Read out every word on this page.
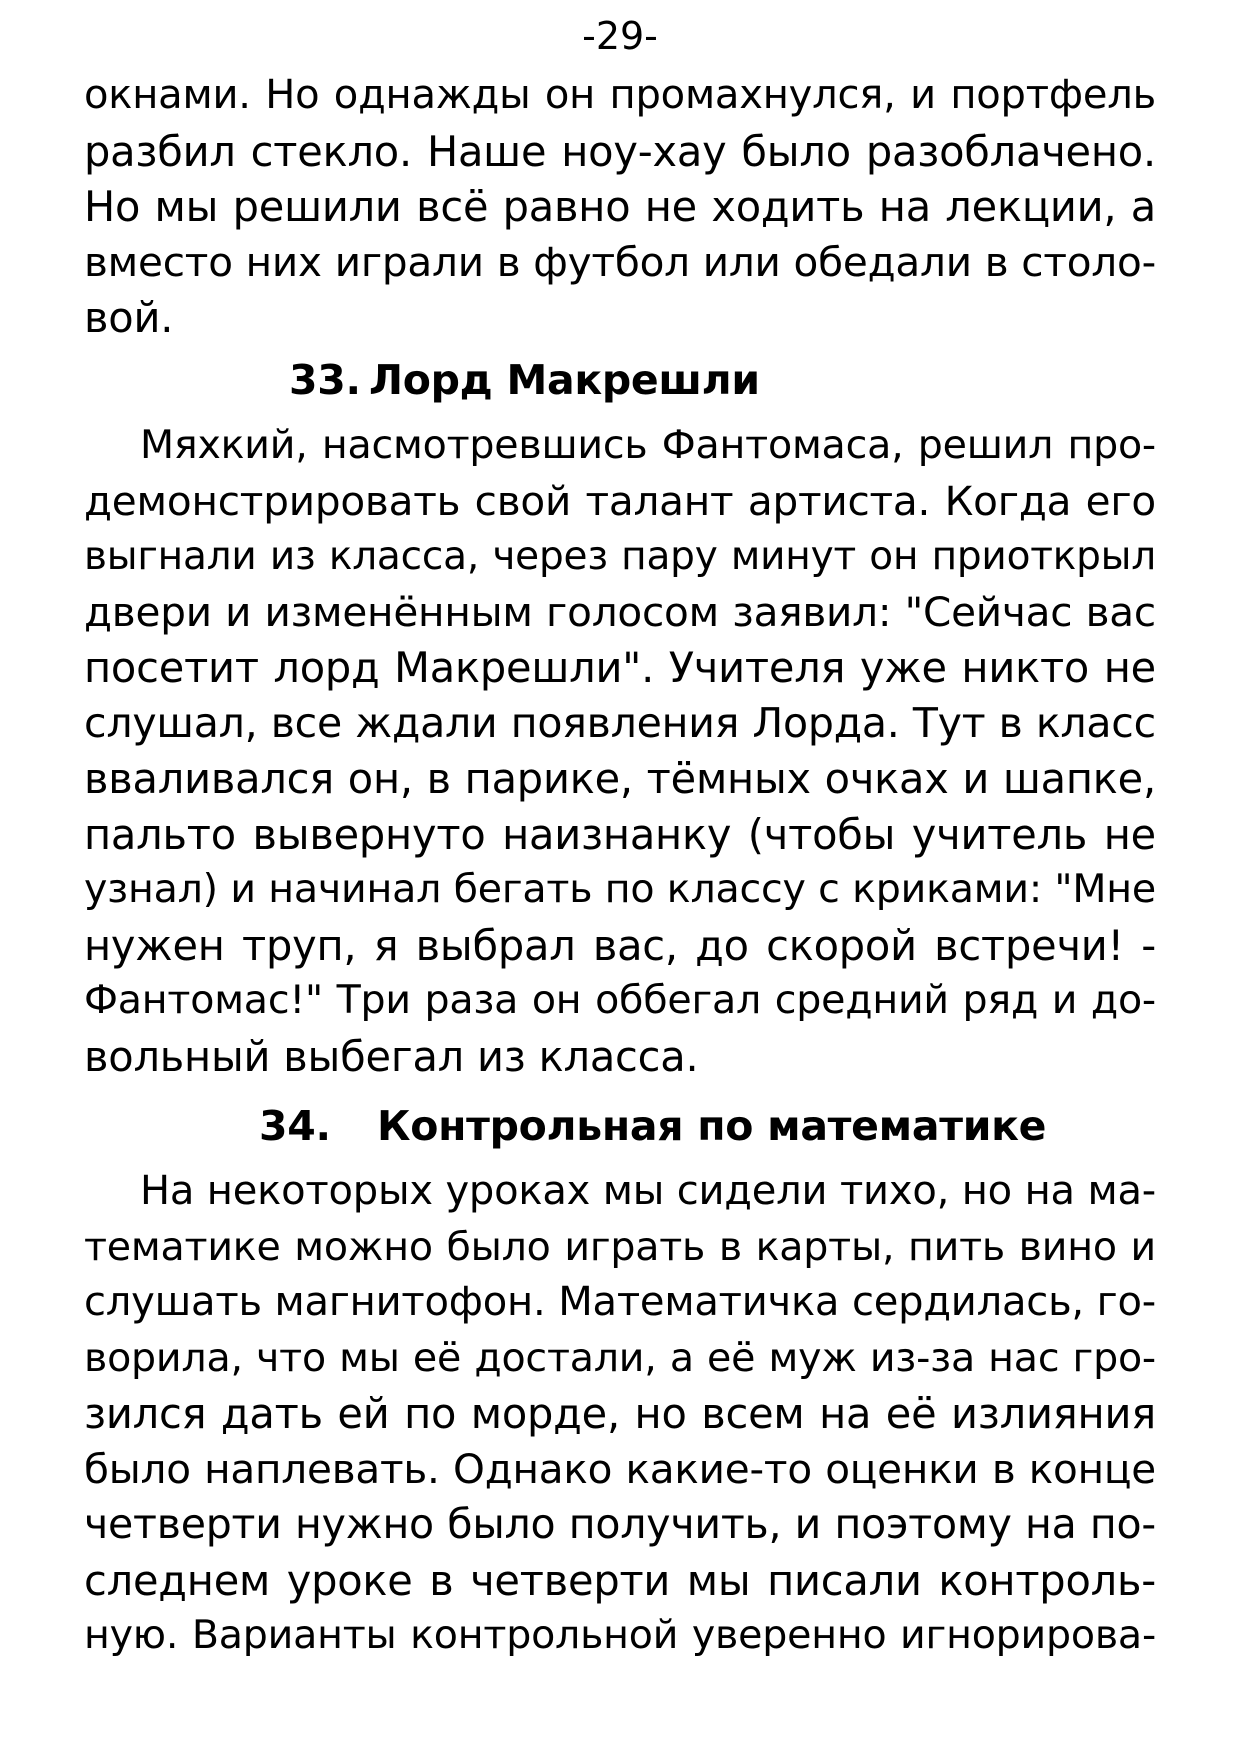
-29-
окнами. Но однажды он промахнулся, и портфель
разбил стекло. Наше ноу-хау было разоблачено.
Но мы решили всё равно не ходить на лекции, а
вместо них играли в футбол или обедали в столо-
вой.
33. Лорд Макрешли
Мяхкий, насмотревшись Фантомаса, решил про-
демонстрировать свой талант артиста. Когда его
выгнали из класса, через пару минут он приоткрыл
двери и изменённым голосом заявил: "Сейчас вас
посетит лорд Макрешли". Учителя уже никто не
слушал, все ждали появления Лорда. Тут в класс
вваливался он, в парике, тёмных очках и шапке,
пальто вывернуто наизнанку (чтобы учитель не
узнал) и начинал бегать по классу с криками: "Мне
нужен труп, я выбрал вас, до скорой встречи! -
Фантомас!" Три раза он оббегал средний ряд и до-
вольный выбегал из класса.
34. Контрольная по математике
На некоторых уроках мы сидели тихо, но на ма-
тематике можно было играть в карты, пить вино и
слушать магнитофон. Математичка сердилась, го-
ворила, что мы её достали, а её муж из-за нас гро-
зился дать ей по морде, но всем на её излияния
было наплевать. Однако какие-то оценки в конце
четверти нужно было получить, и поэтому на по-
следнем уроке в четверти мы писали контроль-
ную. Варианты контрольной уверенно игнорирова-
